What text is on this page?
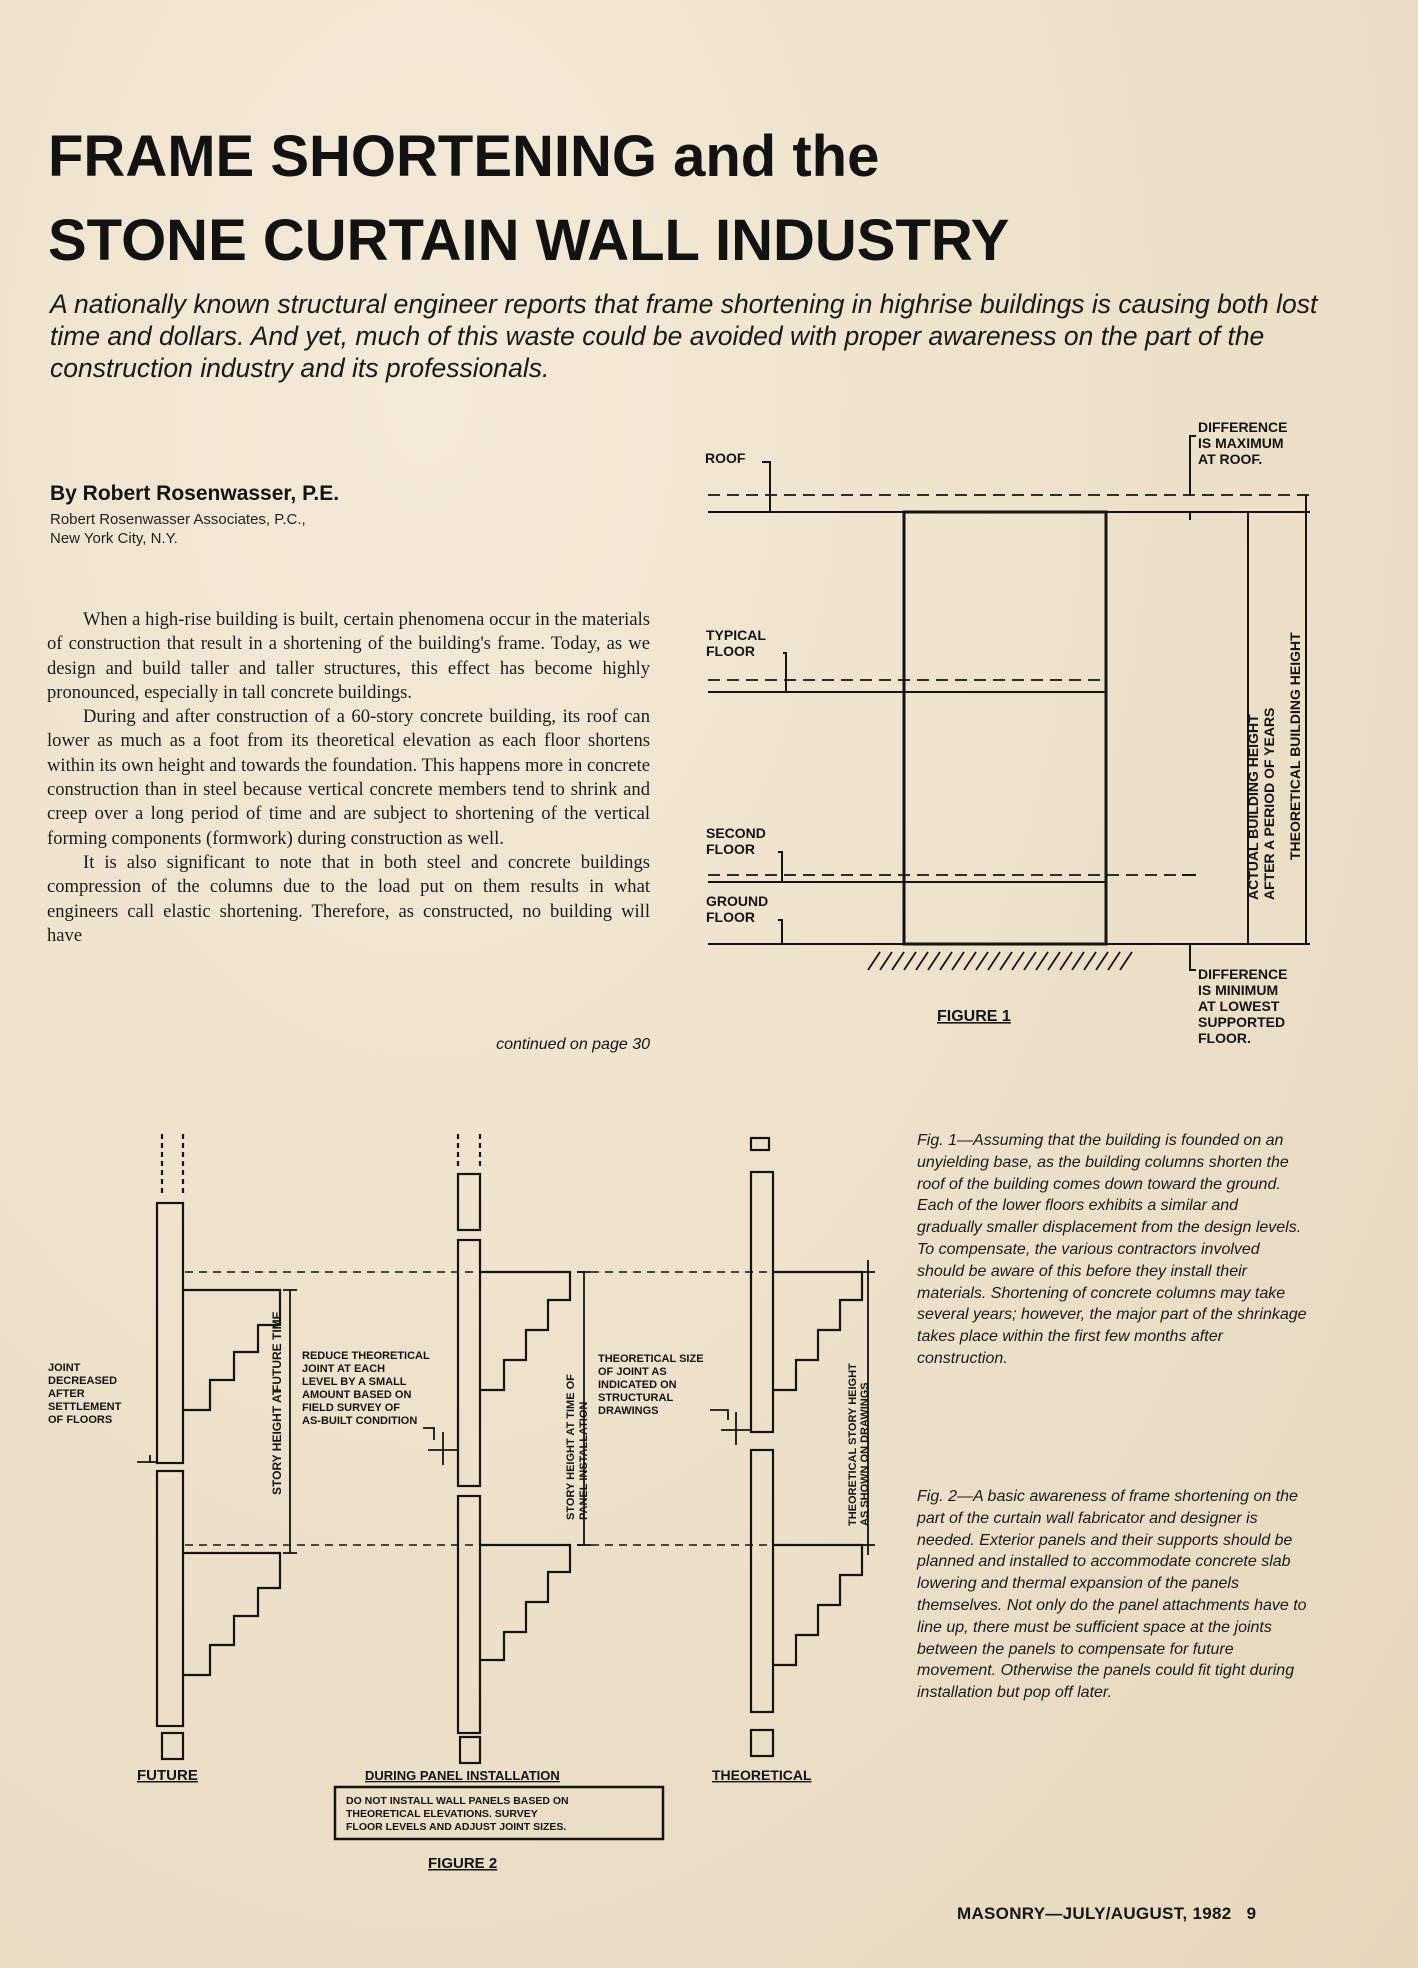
FRAME SHORTENING and the
STONE CURTAIN WALL INDUSTRY

A nationally known structural engineer reports that frame shortening in highrise buildings is causing both lost time and dollars. And yet, much of this waste could be avoided with proper awareness on the part of the construction industry and its professionals.

By Robert Rosenwasser, P.E.
Robert Rosenwasser Associates, P.C.,
New York City, N.Y.

When a high-rise building is built, certain phenomena occur in the materials of construction that result in a shortening of the building's frame. Today, as we design and build taller and taller structures, this effect has become highly pronounced, especially in tall concrete buildings.

During and after construction of a 60-story concrete building, its roof can lower as much as a foot from its theoretical elevation as each floor shortens within its own height and towards the foundation. This happens more in concrete construction than in steel because vertical concrete members tend to shrink and creep over a long period of time and are subject to shortening of the vertical forming components (formwork) during construction as well.

It is also significant to note that in both steel and concrete buildings compression of the columns due to the load put on them results in what engineers call elastic shortening. Therefore, as constructed, no building will have

continued on page 30
ROOF
TYPICAL
FLOOR
SECOND
FLOOR
GROUND
FLOOR
DIFFERENCE
IS MAXIMUM
AT ROOF.
ACTUAL BUILDING HEIGHT AFTER A PERIOD OF YEARS THEORETICAL BUILDING HEIGHT
DIFFERENCE
IS MINIMUM
AT LOWEST
SUPPORTED
FLOOR.
FIGURE 1
JOINT
DECREASED
AFTER
SETTLEMENT
OF FLOORS	STORY HEIGHT AT
FUTURE TIME REDUCE THEORETICAL
JOINT AT EACH
LEVEL BY A SMALL
AMOUNT BASED ON
FIELD SURVEY OF
AS-BUILT CONDITION	STORY HEIGHT AT TIME OF PANEL INSTALLATION
THEORETICAL SIZE
OF JOINT AS
INDICATED ON
STRUCTURAL
DRAWINGS	THEORETICAL STORY HEIGHT AS SHOWN ON DRAWINGS
FUTURE	DURING PANEL INSTALLATION	THEORETICAL
DO NOT INSTALL WALL PANELS BASED ON
THEORETICAL ELEVATIONS. SURVEY
FLOOR LEVELS AND ADJUST JOINT SIZES.
FIGURE 2
Fig. 1—Assuming that the building is founded on an unyielding base, as the building columns shorten the roof of the building comes down toward the ground. Each of the lower floors exhibits a similar and gradually smaller displacement from the design levels. To compensate, the various contractors involved should be aware of this before they install their materials. Shortening of concrete columns may take several years; however, the major part of the shrinkage takes place within the first few months after construction.
Fig. 2—A basic awareness of frame shortening on the part of the curtain wall fabricator and designer is needed. Exterior panels and their supports should be planned and installed to accommodate concrete slab lowering and thermal expansion of the panels themselves. Not only do the panel attachments have to line up, there must be sufficient space at the joints between the panels to compensate for future movement. Otherwise the panels could fit tight during installation but pop off later.
MASONRY—JULY/AUGUST, 1982 9
